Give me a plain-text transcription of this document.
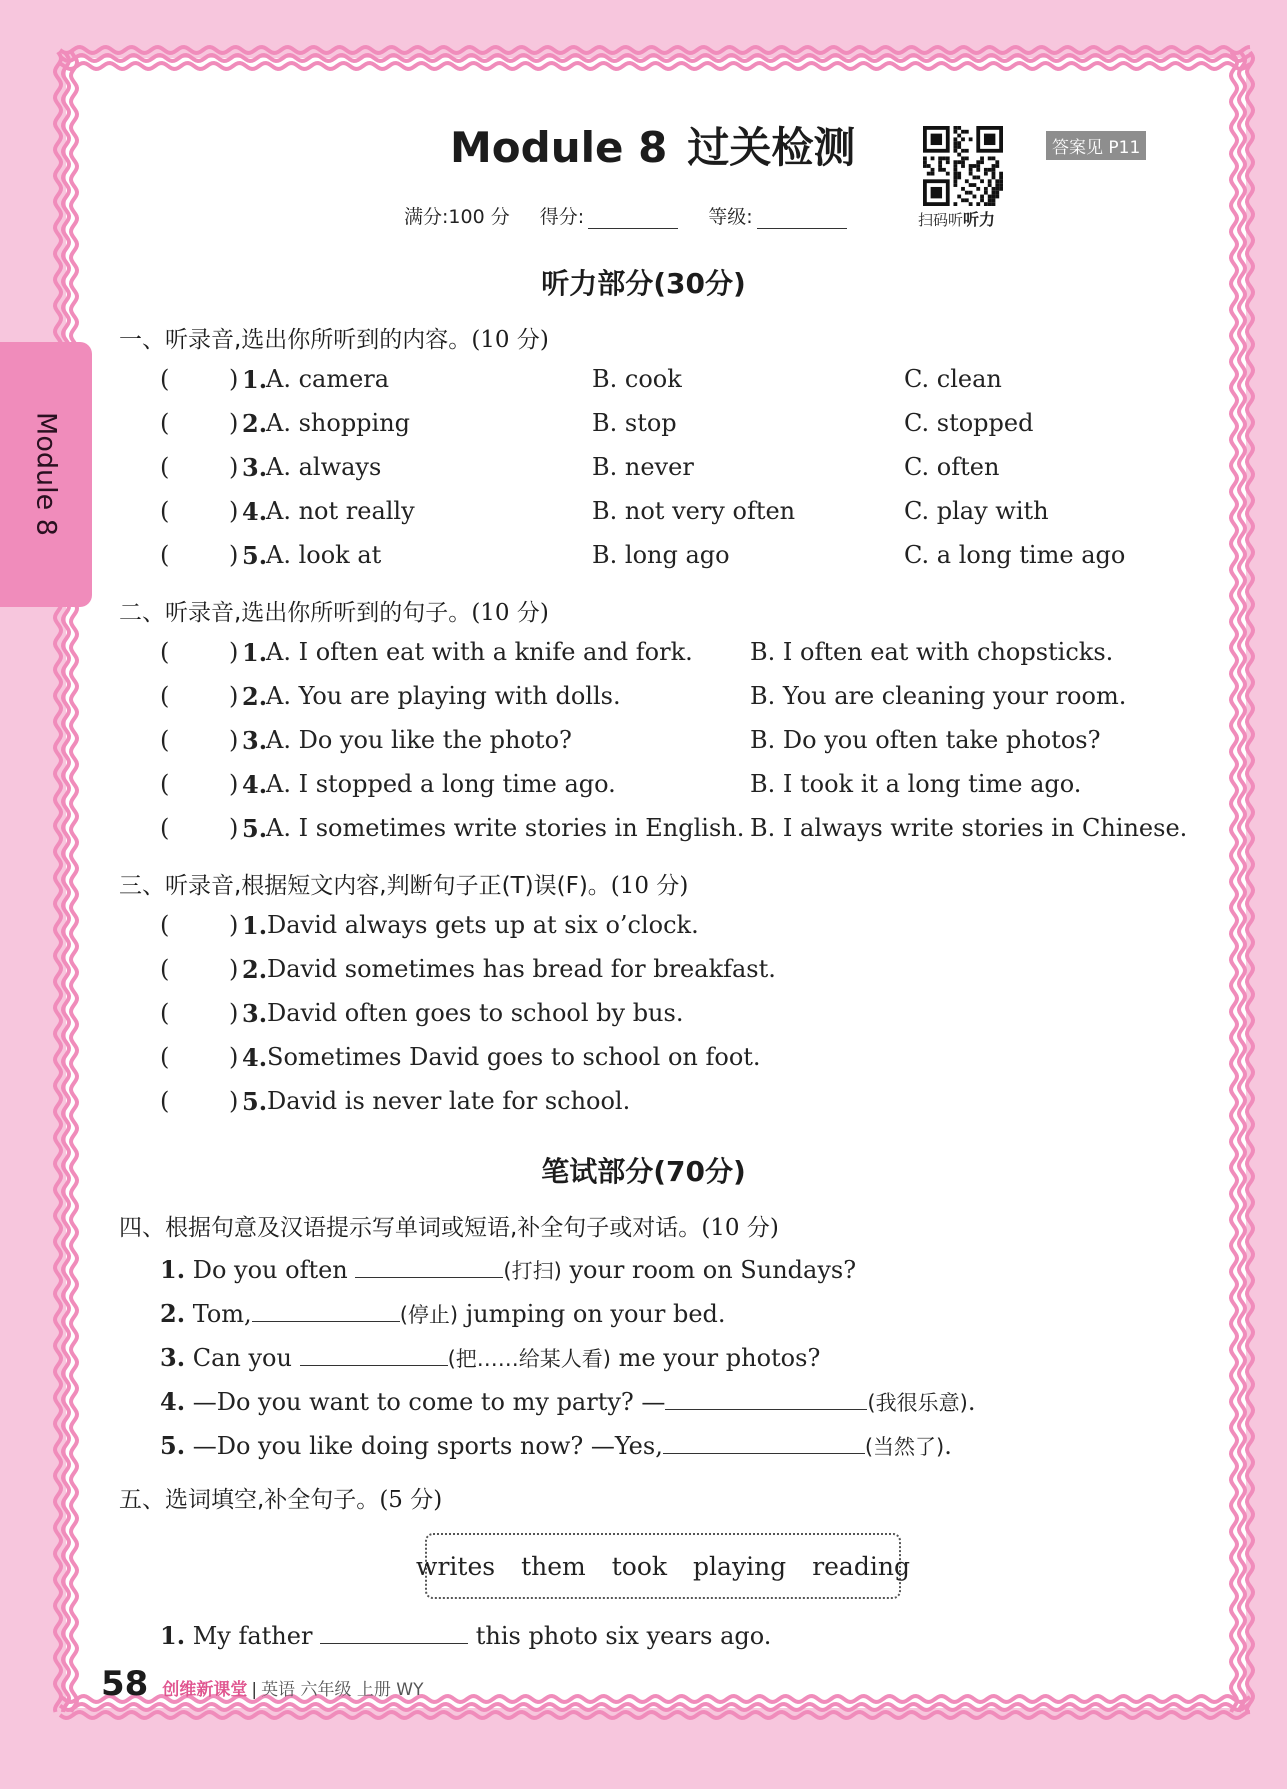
Module 8
Module 8 过关检测
扫码听听力
答案见 P11
满分:100 分 得分:	等级:
听力部分(30分)
一、听录音,选出你所听到的内容。(10 分)
( ) 1.
A. camera	B. cook	C. clean
( ) 2.
A. shopping	B. stop	C. stopped
( ) 3.
A. always	B. never	C. often
( ) 4.
A. not really	B. not very often	C. play with
( ) 5.
A. look at	B. long ago	C. a long time ago
二、听录音,选出你所听到的句子。(10 分)
( ) 1.
A. I often eat with a knife and fork. B. I often eat with chopsticks.
( ) 2.
A. You are playing with dolls.	B. You are cleaning your room.
( ) 3.
A. Do you like the photo?	B. Do you often take photos?
( ) 4.
A. I stopped a long time ago.	B. I took it a long time ago.
( ) 5.
A. I sometimes write stories in English. B. I always write stories in Chinese.
三、听录音,根据短文内容,判断句子正(T)误(F)。(10 分)
( ) 1. David always gets up at six o’clock.
( ) 2. David sometimes has bread for breakfast.
( ) 3. David often goes to school by bus.
( ) 4. Sometimes David goes to school on foot.
( ) 5. David is never late for school.
笔试部分(70分)
四、根据句意及汉语提示写单词或短语,补全句子或对话。(10 分)
1. Do you often	(打扫) your room on Sundays?
2. Tom,	(停止) jumping on your bed.
3. Can you	(把……给某人看) me your photos?
4. —Do you want to come to my party? —	(我很乐意).
5. —Do you like doing sports now? —Yes,	(当然了).
五、选词填空,补全句子。(5 分)
writes them took playing reading
1. My father	this photo six years ago.
58 创维新课堂 | 英语 六年级 上册 WY
